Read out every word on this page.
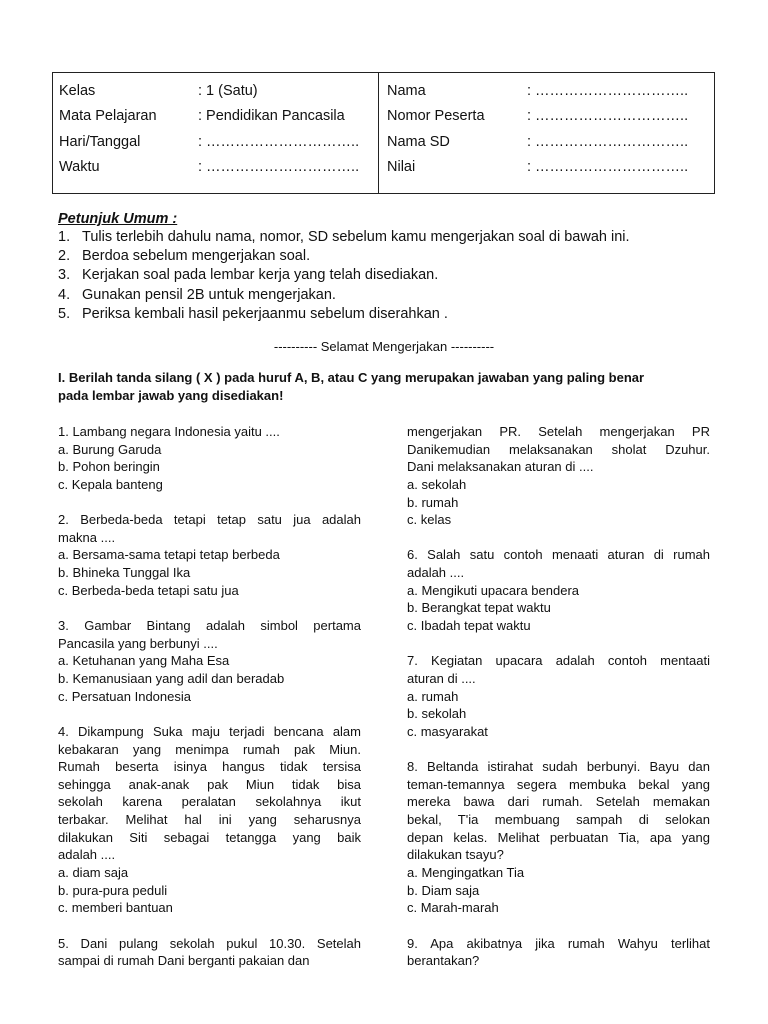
Kelas	: 1 (Satu)
Mata Pelajaran	: Pendidikan Pancasila
Hari/Tanggal	: …………………………..
Waktu	: …………………………..
Nama	: …………………………..
Nomor Peserta	: …………………………..
Nama SD	: …………………………..
Nilai	: …………………………..
Petunjuk Umum :
1. Tulis terlebih dahulu nama, nomor, SD sebelum kamu mengerjakan soal di bawah ini.
2. Berdoa sebelum mengerjakan soal.
3. Kerjakan soal pada lembar kerja yang telah disediakan.
4. Gunakan pensil 2B untuk mengerjakan.
5. Periksa kembali hasil pekerjaanmu sebelum diserahkan .
---------- Selamat Mengerjakan ----------
I. Berilah tanda silang ( X ) pada huruf A, B, atau C yang merupakan jawaban yang paling benar
pada lembar jawab yang disediakan!
1. Lambang negara Indonesia yaitu ....
a. Burung Garuda
b. Pohon beringin
c. Kepala banteng
2. Berbeda-beda tetapi tetap satu jua adalah
makna ....
a. Bersama-sama tetapi tetap berbeda
b. Bhineka Tunggal Ika
c. Berbeda-beda tetapi satu jua
3. Gambar Bintang adalah simbol pertama
Pancasila yang berbunyi ....
a. Ketuhanan yang Maha Esa
b. Kemanusiaan yang adil dan beradab
c. Persatuan Indonesia
4. Dikampung Suka maju terjadi bencana alam
kebakaran yang menimpa rumah pak Miun.
Rumah beserta isinya hangus tidak tersisa
sehingga anak-anak pak Miun tidak bisa
sekolah karena peralatan sekolahnya ikut
terbakar. Melihat hal ini yang seharusnya
dilakukan Siti sebagai tetangga yang baik
adalah ....
a. diam saja
b. pura-pura peduli
c. memberi bantuan
5. Dani pulang sekolah pukul 10.30. Setelah
sampai di rumah Dani berganti pakaian dan
mengerjakan PR. Setelah mengerjakan PR
Danikemudian melaksanakan sholat Dzuhur.
Dani melaksanakan aturan di ....
a. sekolah
b. rumah
c. kelas
6. Salah satu contoh menaati aturan di rumah
adalah ....
a. Mengikuti upacara bendera
b. Berangkat tepat waktu
c. Ibadah tepat waktu
7. Kegiatan upacara adalah contoh mentaati
aturan di ....
a. rumah
b. sekolah
c. masyarakat
8. Beltanda istirahat sudah berbunyi. Bayu dan
teman-temannya segera membuka bekal yang
mereka bawa dari rumah. Setelah memakan
bekal, T'ia membuang sampah di selokan
depan kelas. Melihat perbuatan Tia, apa yang
dilakukan tsayu?
a. Mengingatkan Tia
b. Diam saja
c. Marah-marah
9. Apa akibatnya jika rumah Wahyu terlihat
berantakan?
